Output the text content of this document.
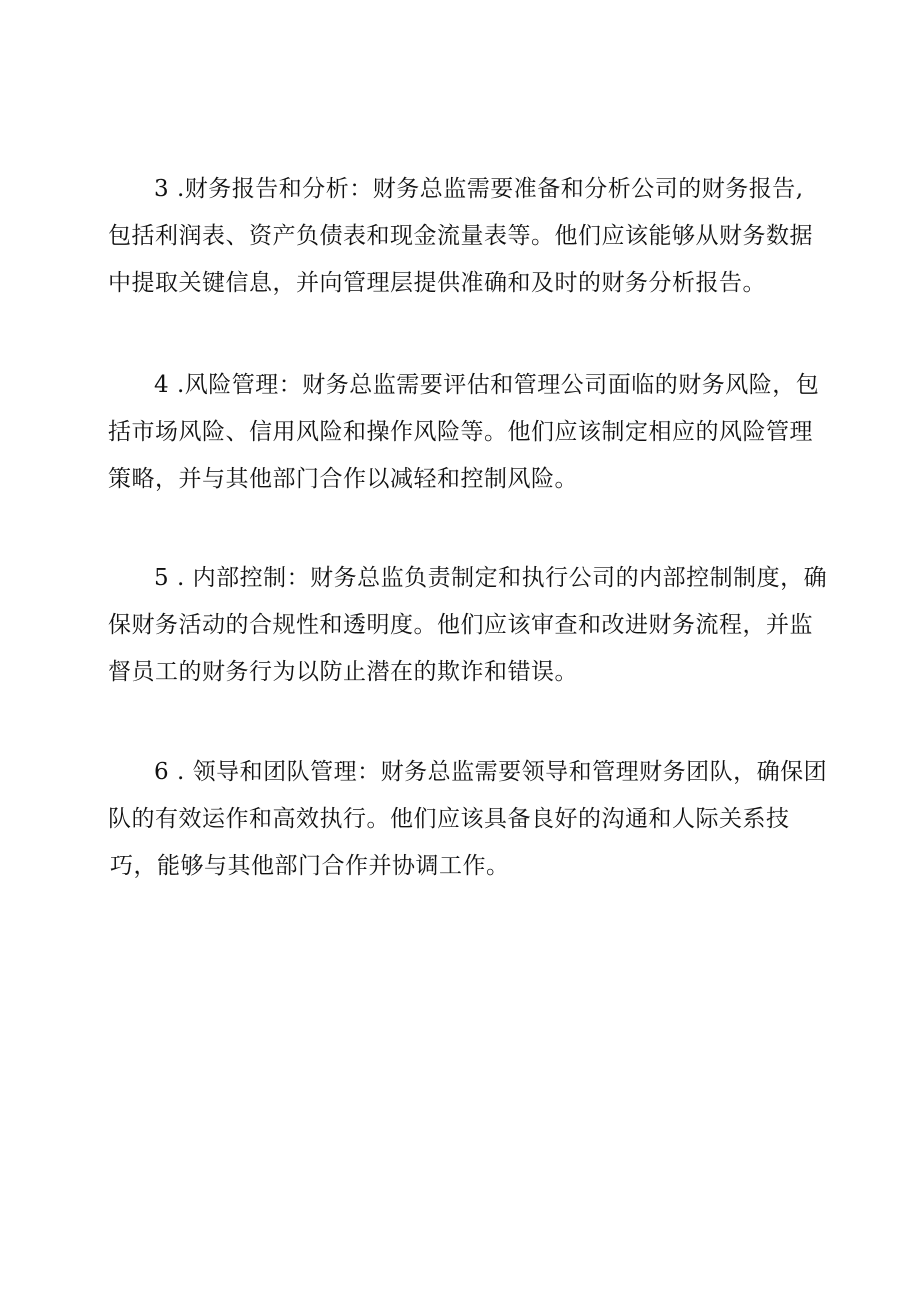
3 .财务报告和分析：财务总监需要准备和分析公司的财务报告,
包括利润表、资产负债表和现金流量表等。他们应该能够从财务数据
中提取关键信息，并向管理层提供准确和及时的财务分析报告。
4 .风险管理：财务总监需要评估和管理公司面临的财务风险，包
括市场风险、信用风险和操作风险等。他们应该制定相应的风险管理
策略，并与其他部门合作以减轻和控制风险。
5 . 内部控制：财务总监负责制定和执行公司的内部控制制度，确
保财务活动的合规性和透明度。他们应该审查和改进财务流程，并监
督员工的财务行为以防止潜在的欺诈和错误。
6 . 领导和团队管理：财务总监需要领导和管理财务团队，确保团
队的有效运作和高效执行。他们应该具备良好的沟通和人际关系技
巧，能够与其他部门合作并协调工作。
